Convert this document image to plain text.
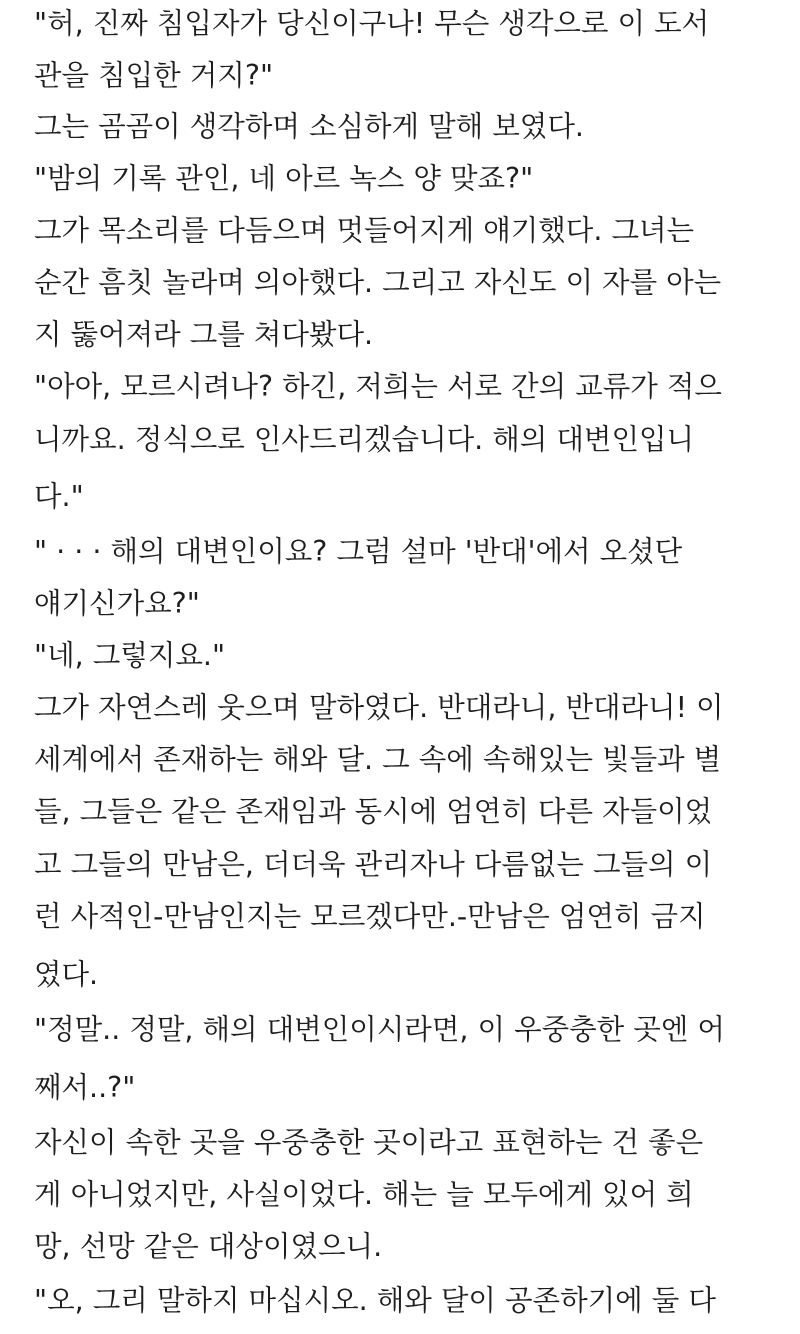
"허, 진짜 침입자가 당신이구나! 무슨 생각으로 이 도서
관을 침입한 거지?"
그는 곰곰이 생각하며 소심하게 말해 보였다.
"밤의 기록 관인, 네 아르 녹스 양 맞죠?"
그가 목소리를 다듬으며 멋들어지게 얘기했다. 그녀는
순간 흠칫 놀라며 의아했다. 그리고 자신도 이 자를 아는
지 뚫어져라 그를 쳐다봤다.
"아아, 모르시려나? 하긴, 저희는 서로 간의 교류가 적으
니까요. 정식으로 인사드리겠습니다. 해의 대변인입니
다."
" · · · 해의 대변인이요? 그럼 설마 '반대'에서 오셨단
얘기신가요?"
"네, 그렇지요."
그가 자연스레 웃으며 말하였다. 반대라니, 반대라니! 이
세계에서 존재하는 해와 달. 그 속에 속해있는 빛들과 별
들, 그들은 같은 존재임과 동시에 엄연히 다른 자들이었
고 그들의 만남은, 더더욱 관리자나 다름없는 그들의 이
런 사적인-만남인지는 모르겠다만.-만남은 엄연히 금지
였다.
"정말.. 정말, 해의 대변인이시라면, 이 우중충한 곳엔 어
째서..?"
자신이 속한 곳을 우중충한 곳이라고 표현하는 건 좋은
게 아니었지만, 사실이었다. 해는 늘 모두에게 있어 희
망, 선망 같은 대상이였으니.
"오, 그리 말하지 마십시오. 해와 달이 공존하기에 둘 다
